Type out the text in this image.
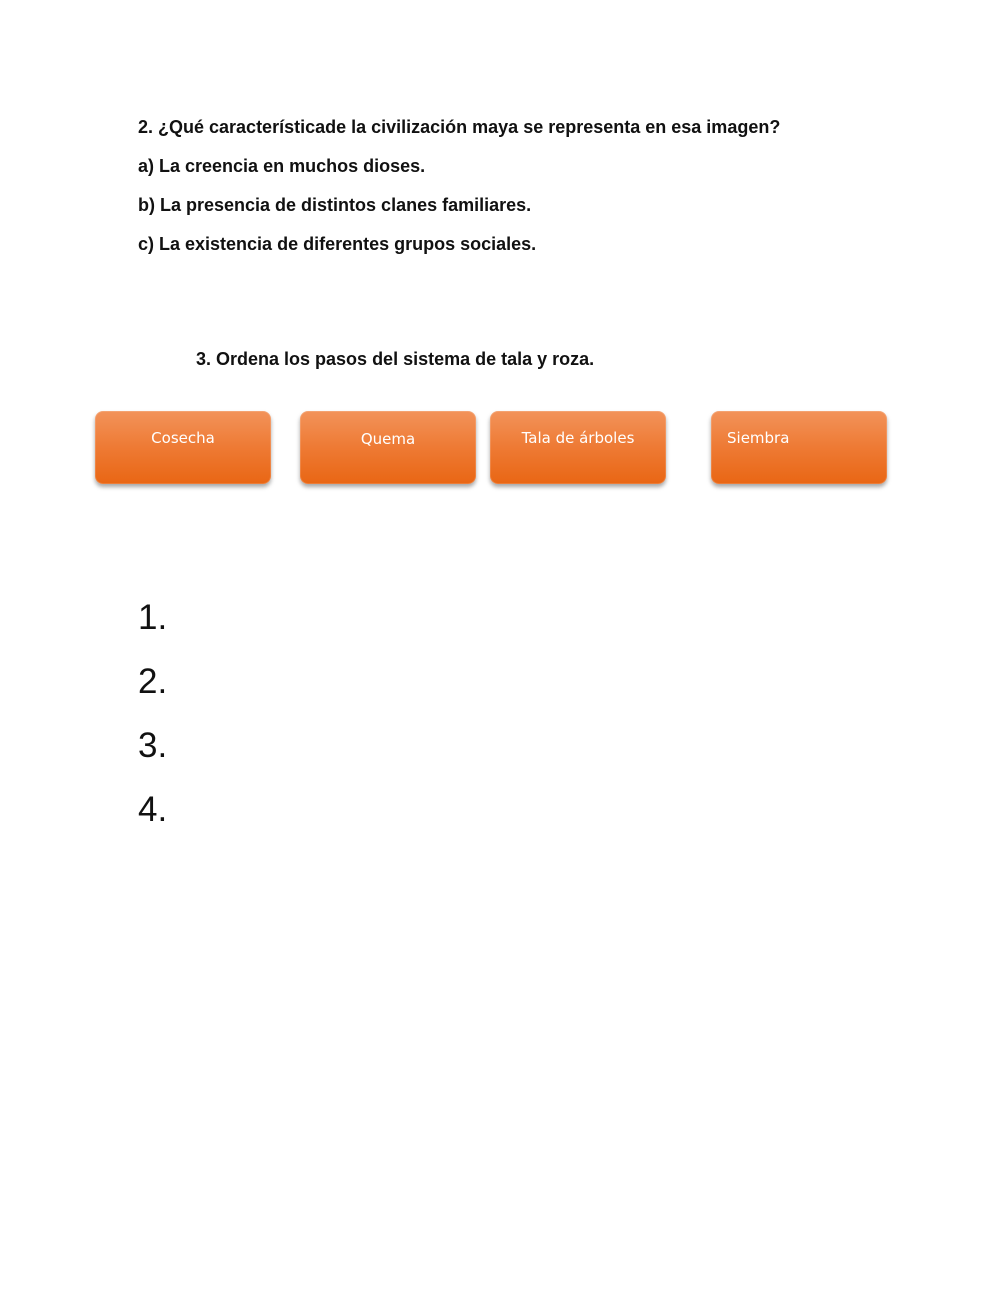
2. ¿Qué característicade la civilización maya se representa en esa imagen?
a) La creencia en muchos dioses.
b) La presencia de distintos clanes familiares.
c) La existencia de diferentes grupos sociales.
3. Ordena los pasos del sistema de tala y roza.
Cosecha	Quema	Tala de árboles	Siembra
1.
2.
3.
4.
